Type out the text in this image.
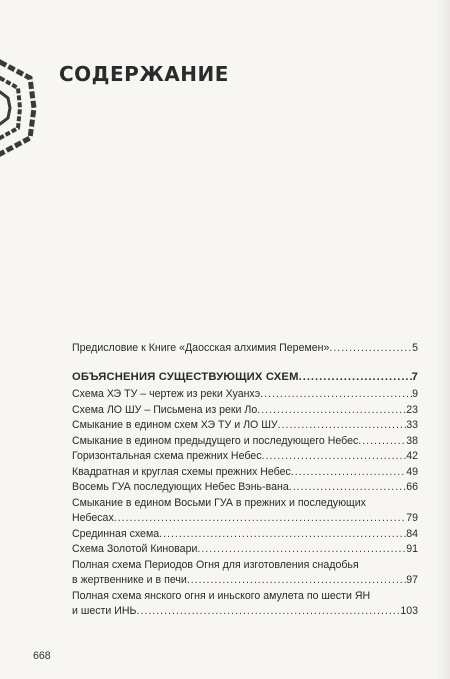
СОДЕРЖАНИЕ
Предисловие к Книге «Даосская алхимия Перемен» .....	5
ОБЪЯСНЕНИЯ СУЩЕСТВУЮЩИХ СХЕМ .....	7
Схема ХЭ ТУ – чертеж из реки Хуанхэ .....	9
Схема ЛО ШУ – Письмена из реки Ло .....	23
Смыкание в едином схем ХЭ ТУ и ЛО ШУ .....	33
Смыкание в едином предыдущего и последующего Небес .....	38
Горизонтальная схема прежних Небес .....	42
Квадратная и круглая схемы прежних Небес .....	49
Восемь ГУА последующих Небес Вэнь-вана .....	66
Смыкание в едином Восьми ГУА в прежних и последующих
Небесах .....	79
Срединная схема .....	84
Схема Золотой Киновари .....	91
Полная схема Периодов Огня для изготовления снадобья
в жертвеннике и в печи .....	97
Полная схема янского огня и иньского амулета по шести ЯН
и шести ИНЬ .....	103
668
